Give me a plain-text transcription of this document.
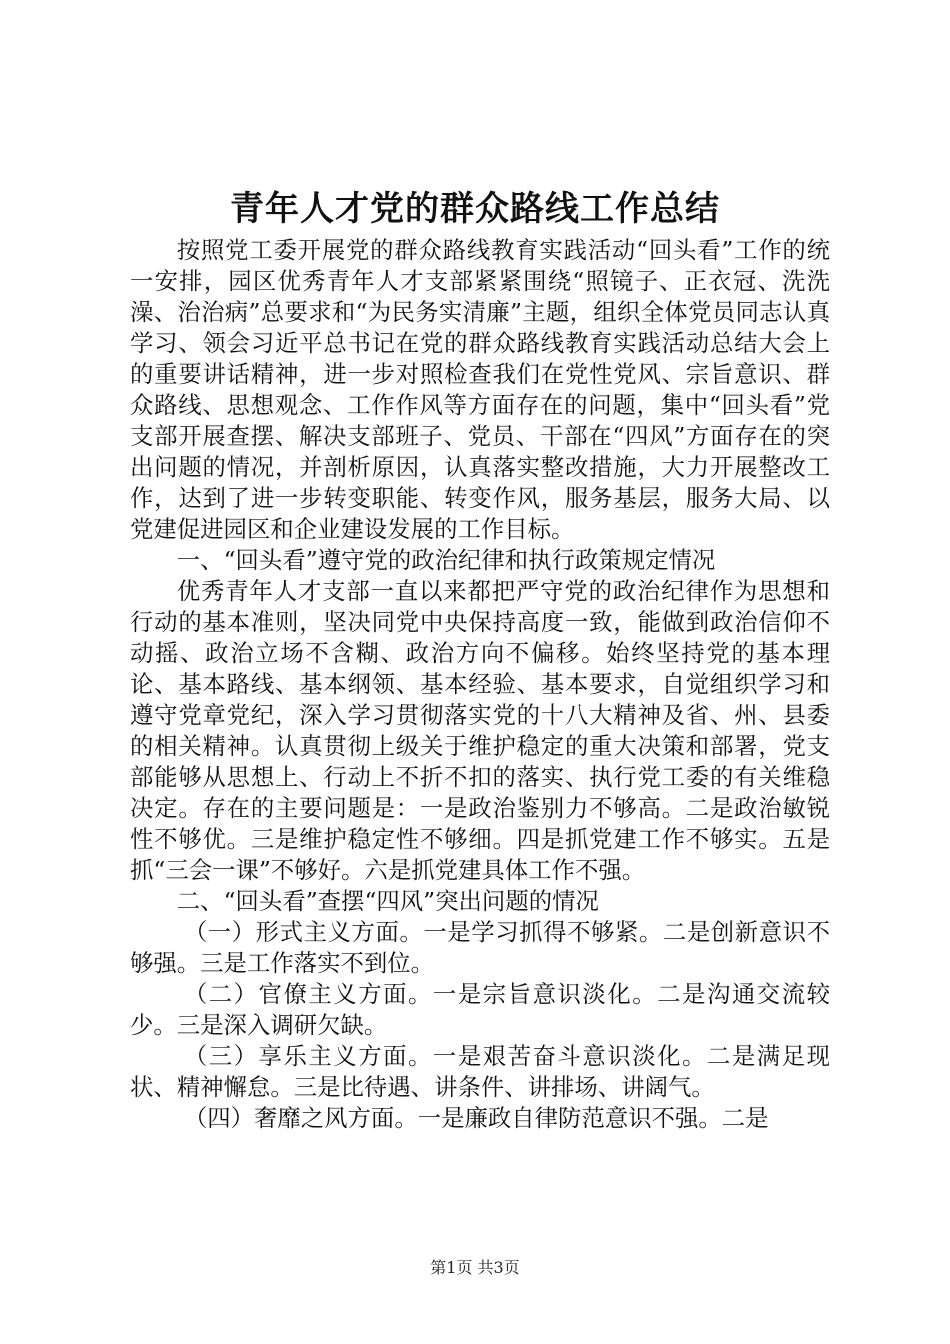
青年人才党的群众路线工作总结

按照党工委开展党的群众路线教育实践活动“回头看”工作的统一安排，园区优秀青年人才支部紧紧围绕“照镜子、正衣冠、洗洗澡、治治病”总要求和“为民务实清廉”主题，组织全体党员同志认真学习、领会习近平总书记在党的群众路线教育实践活动总结大会上的重要讲话精神，进一步对照检查我们在党性党风、宗旨意识、群众路线、思想观念、工作作风等方面存在的问题，集中“回头看”党支部开展查摆、解决支部班子、党员、干部在“四风”方面存在的突出问题的情况，并剖析原因，认真落实整改措施，大力开展整改工作，达到了进一步转变职能、转变作风，服务基层，服务大局、以党建促进园区和企业建设发展的工作目标。

一、“回头看”遵守党的政治纪律和执行政策规定情况

优秀青年人才支部一直以来都把严守党的政治纪律作为思想和行动的基本准则，坚决同党中央保持高度一致，能做到政治信仰不动摇、政治立场不含糊、政治方向不偏移。始终坚持党的基本理论、基本路线、基本纲领、基本经验、基本要求，自觉组织学习和遵守党章党纪，深入学习贯彻落实党的十八大精神及省、州、县委的相关精神。认真贯彻上级关于维护稳定的重大决策和部署，党支部能够从思想上、行动上不折不扣的落实、执行党工委的有关维稳决定。存在的主要问题是：一是政治鉴别力不够高。二是政治敏锐性不够优。三是维护稳定性不够细。四是抓党建工作不够实。五是抓“三会一课”不够好。六是抓党建具体工作不强。

二、“回头看”查摆“四风”突出问题的情况

（一）形式主义方面。一是学习抓得不够紧。二是创新意识不够强。三是工作落实不到位。

（二）官僚主义方面。一是宗旨意识淡化。二是沟通交流较少。三是深入调研欠缺。

（三）享乐主义方面。一是艰苦奋斗意识淡化。二是满足现状、精神懈怠。三是比待遇、讲条件、讲排场、讲阔气。

（四）奢靡之风方面。一是廉政自律防范意识不强。二是

第1页 共3页
